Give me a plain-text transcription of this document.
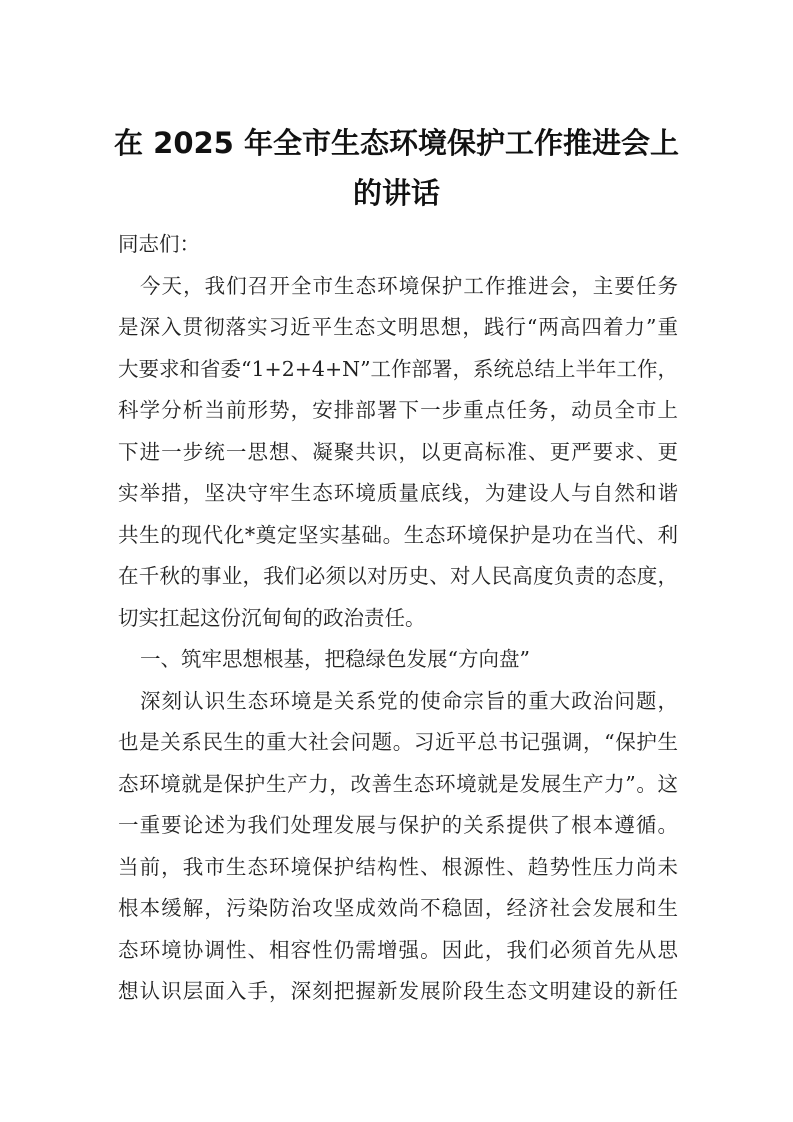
在 2025 年全市生态环境保护工作推进会上
的讲话
同志们：
今天，我们召开全市生态环境保护工作推进会，主要任务
是深入贯彻落实习近平生态文明思想，践行“两高四着力”重
大要求和省委“1+2+4+N”工作部署，系统总结上半年工作，
科学分析当前形势，安排部署下一步重点任务，动员全市上
下进一步统一思想、凝聚共识，以更高标准、更严要求、更
实举措，坚决守牢生态环境质量底线，为建设人与自然和谐
共生的现代化*奠定坚实基础。生态环境保护是功在当代、利
在千秋的事业，我们必须以对历史、对人民高度负责的态度，
切实扛起这份沉甸甸的政治责任。
一、筑牢思想根基，把稳绿色发展“方向盘”
深刻认识生态环境是关系党的使命宗旨的重大政治问题，
也是关系民生的重大社会问题。习近平总书记强调，“保护生
态环境就是保护生产力，改善生态环境就是发展生产力”。这
一重要论述为我们处理发展与保护的关系提供了根本遵循。
当前，我市生态环境保护结构性、根源性、趋势性压力尚未
根本缓解，污染防治攻坚成效尚不稳固，经济社会发展和生
态环境协调性、相容性仍需增强。因此，我们必须首先从思
想认识层面入手，深刻把握新发展阶段生态文明建设的新任
